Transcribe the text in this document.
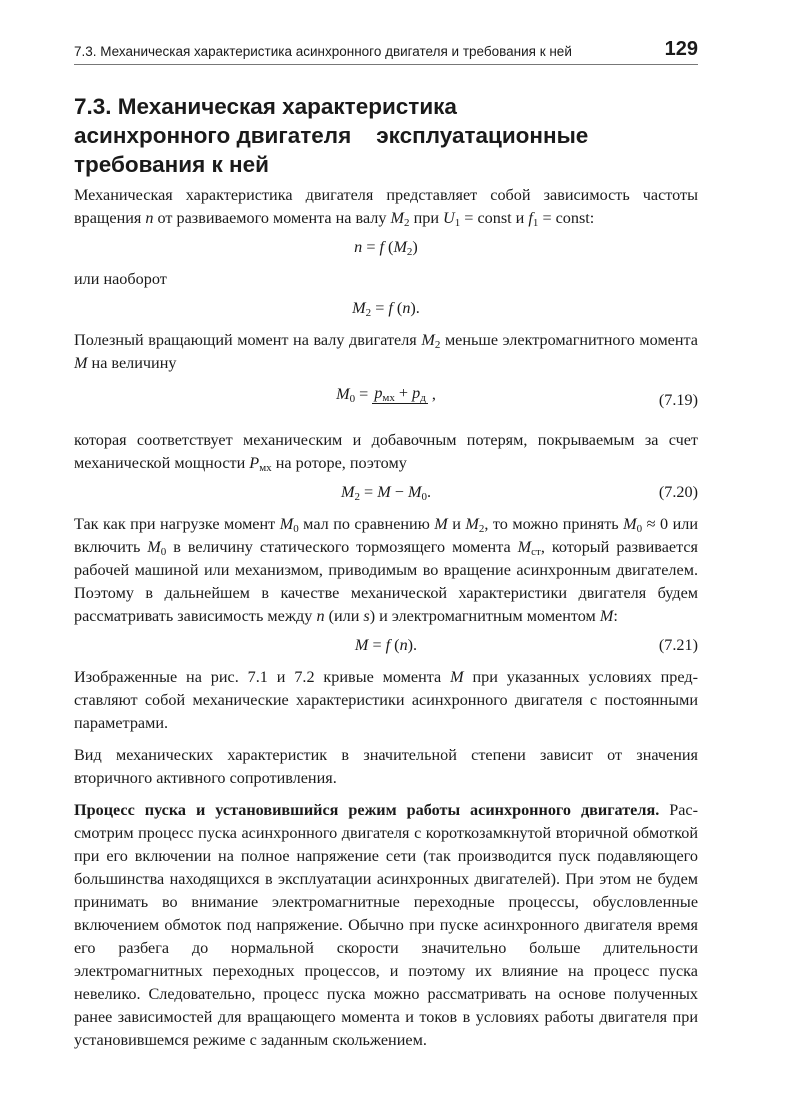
7.3. Механическая характеристика асинхронного двигателя и требования к ней	129
7.3. Механическая характеристика
асинхронного двигателя    эксплуатационные
требования к ней

Механическая характеристика двигателя представляет собой зависимость частоты вращения n от развиваемого момента на валу $M_2$ при $U_1$ = const и $f_1$ = const:

n = f $(M_2)$

или наоборот

$M_2 = f$ (n).

Полезный вращающий момент на валу двигателя $M_2$ меньше электромагнитного момента M на величину

$M_0 = p_{мх} + p_д$ ,	(7.19)

которая соответствует механическим и добавочным потерям, покрываемым за счет механической мощности $P_{мх}$ на роторе, поэтому

$M_2 = M - M_0$.	(7.20)

Так как при нагрузке момент $M_0$ мал по сравнению M и $M_2$, то можно принять $M_0 \approx 0$ или включить $M_0$ в величину статического тормозящего момента $M_{ст}$, который развивается рабочей машиной или механизмом, приводимым во вращение асинхронным двигателем. Поэтому в дальнейшем в качестве механической характеристики двигателя будем рассматривать зависимость между n (или s) и электромагнитным моментом M:

M = f (n).	(7.21)

Изображенные на рис. 7.1 и 7.2 кривые момента M при указанных условиях представляют собой механические характеристики асинхронного двигателя с постоянными параметрами.

Вид механических характеристик в значительной степени зависит от значения вторичного активного сопротивления.

Процесс пуска и установившийся режим работы асинхронного двигателя. Рассмотрим процесс пуска асинхронного двигателя с короткозамкнутой вторичной обмоткой при его включении на полное напряжение сети (так производится пуск подавляющего большинства находящихся в эксплуатации асинхронных двигателей). При этом не будем принимать во внимание электромагнитные переходные процессы, обусловленные включением обмоток под напряжение. Обычно при пуске асинхронного двигателя время его разбега до нормальной скорости значительно больше длительности электромагнитных переходных процессов, и поэтому их влияние на процесс пуска невелико. Следовательно, процесс пуска можно рассматривать на основе полученных ранее зависимостей для вращающего момента и токов в условиях работы двигателя при установившемся режиме с заданным скольжением.
